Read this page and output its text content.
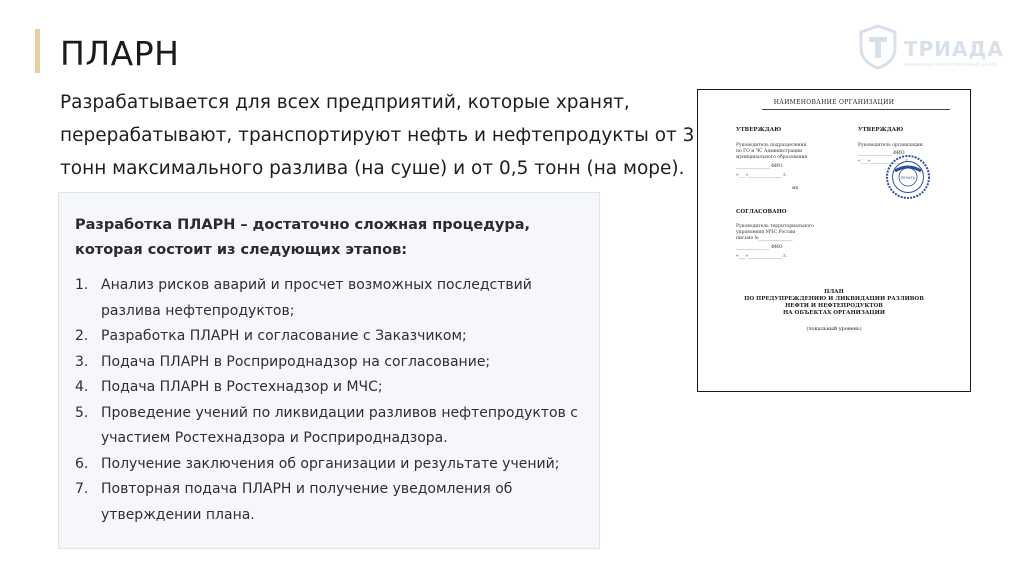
ПЛАРН
Разрабатывается для всех предприятий, которые хранят, перерабатывают, транспортируют нефть и нефтепродукты от 3 тонн максимального разлива (на суше) и от 0,5 тонн (на море).
ТРИАДА
инженерно-консалтинговый центр
Разработка ПЛАРН – достаточно сложная процедура,
которая состоит из следующих этапов:
1. Анализ рисков аварий и просчет возможных последствий разлива нефтепродуктов;
2. Разработка ПЛАРН и согласование с Заказчиком;
3. Подача ПЛАРН в Росприроднадзор на согласование;
4. Подача ПЛАРН в Ростехнадзор и МЧС;
5. Проведение учений по ликвидации разливов нефтепродуктов с участием Ростехнадзора и Росприроднадзора.
6. Получение заключения об организации и результате учений;
7. Повторная подача ПЛАРН и получение уведомления об утверждении плана.
НАИМЕНОВАНИЕ ОРГАНИЗАЦИИ
УТВЕРЖДАЮ
Руководитель подразделения
по ГО и ЧС Администрации
муниципального образования
_______________ ФИО
«___»_______________ г.
мп
УТВЕРЖДАЮ
Руководитель организации
_______________ ФИО
«___»_______________ г.
ПЕЧАТЬ
СОГЛАСОВАНО
Руководитель территориального
управления МЧС России
письмо №_______________
_______________ ФИО
«___»_______________ г.
ПЛАН
ПО ПРЕДУПРЕЖДЕНИЮ И ЛИКВИДАЦИИ РАЗЛИВОВ
НЕФТИ И НЕФТЕПРОДУКТОВ
НА ОБЪЕКТАХ ОРГАНИЗАЦИИ
(локальный уровень)
